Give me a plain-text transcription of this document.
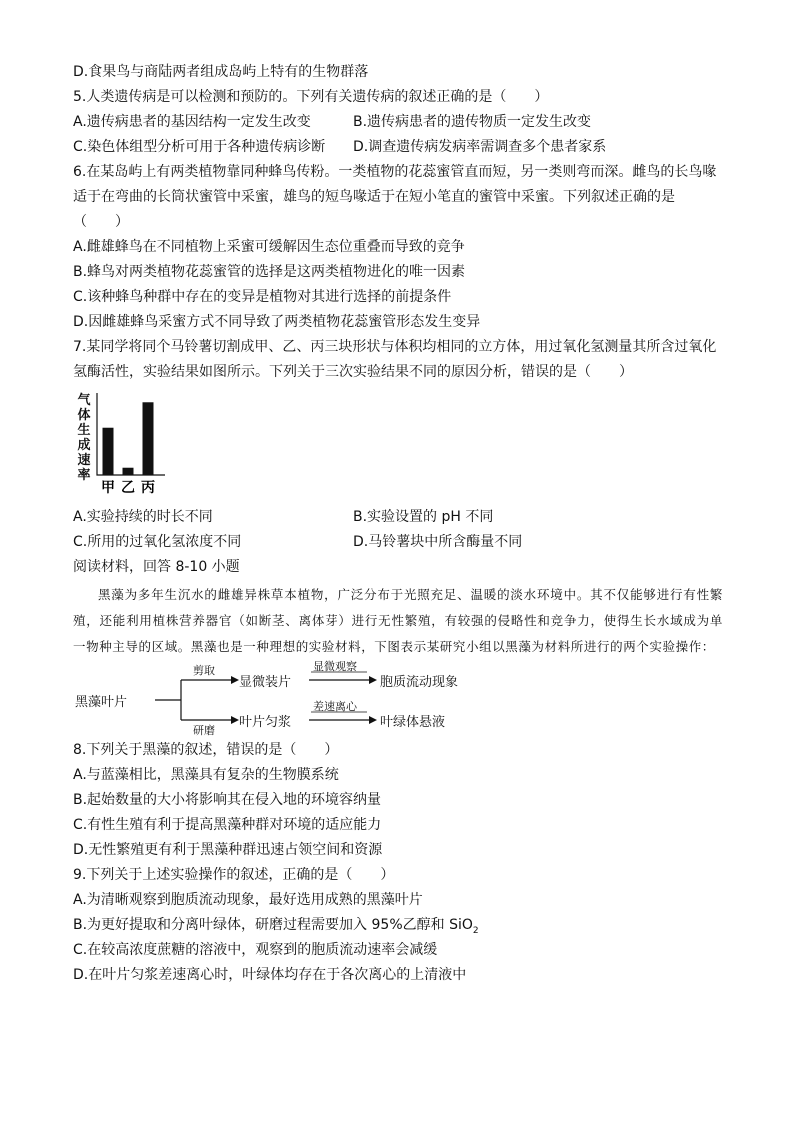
D.食果鸟与商陆两者组成岛屿上特有的生物群落
5.人类遗传病是可以检测和预防的。下列有关遗传病的叙述正确的是（　　）
A.遗传病患者的基因结构一定发生改变	B.遗传病患者的遗传物质一定发生改变
C.染色体组型分析可用于各种遗传病诊断	D.调查遗传病发病率需调查多个患者家系
6.在某岛屿上有两类植物靠同种蜂鸟传粉。一类植物的花蕊蜜管直而短，另一类则弯而深。雌鸟的长鸟喙
适于在弯曲的长筒状蜜管中采蜜，雄鸟的短鸟喙适于在短小笔直的蜜管中采蜜。下列叙述正确的是
（　　）
A.雌雄蜂鸟在不同植物上采蜜可缓解因生态位重叠而导致的竞争
B.蜂鸟对两类植物花蕊蜜管的选择是这两类植物进化的唯一因素
C.该种蜂鸟种群中存在的变异是植物对其进行选择的前提条件
D.因雌雄蜂鸟采蜜方式不同导致了两类植物花蕊蜜管形态发生变异
7.某同学将同个马铃薯切割成甲、乙、丙三块形状与体积均相同的立方体，用过氧化氢测量其所含过氧化
氢酶活性，实验结果如图所示。下列关于三次实验结果不同的原因分析，错误的是（　　）
气体生成速率
甲 乙 丙
A.实验持续的时长不同	B.实验设置的 pH 不同
C.所用的过氧化氢浓度不同	D.马铃薯块中所含酶量不同
阅读材料，回答 8-10 小题
黑藻为多年生沉水的雌雄异株草本植物，广泛分布于光照充足、温暖的淡水环境中。其不仅能够进行有性繁殖，还能利用植株营养器官（如断茎、离体芽）进行无性繁殖，有较强的侵略性和竞争力，使得生长水域成为单一物种主导的区域。黑藻也是一种理想的实验材料，下图表示某研究小组以黑藻为材料所进行的两个实验操作：
黑藻叶片
剪取
显微装片
显微观察
胞质流动现象
研磨
叶片匀浆
差速离心
叶绿体悬液
8.下列关于黑藻的叙述，错误的是（　　）
A.与蓝藻相比，黑藻具有复杂的生物膜系统
B.起始数量的大小将影响其在侵入地的环境容纳量
C.有性生殖有利于提高黑藻种群对环境的适应能力
D.无性繁殖更有利于黑藻种群迅速占领空间和资源
9.下列关于上述实验操作的叙述，正确的是（　　）
A.为清晰观察到胞质流动现象，最好选用成熟的黑藻叶片
B.为更好提取和分离叶绿体，研磨过程需要加入 95%乙醇和 SiO$_2$
C.在较高浓度蔗糖的溶液中，观察到的胞质流动速率会减缓
D.在叶片匀浆差速离心时，叶绿体均存在于各次离心的上清液中
